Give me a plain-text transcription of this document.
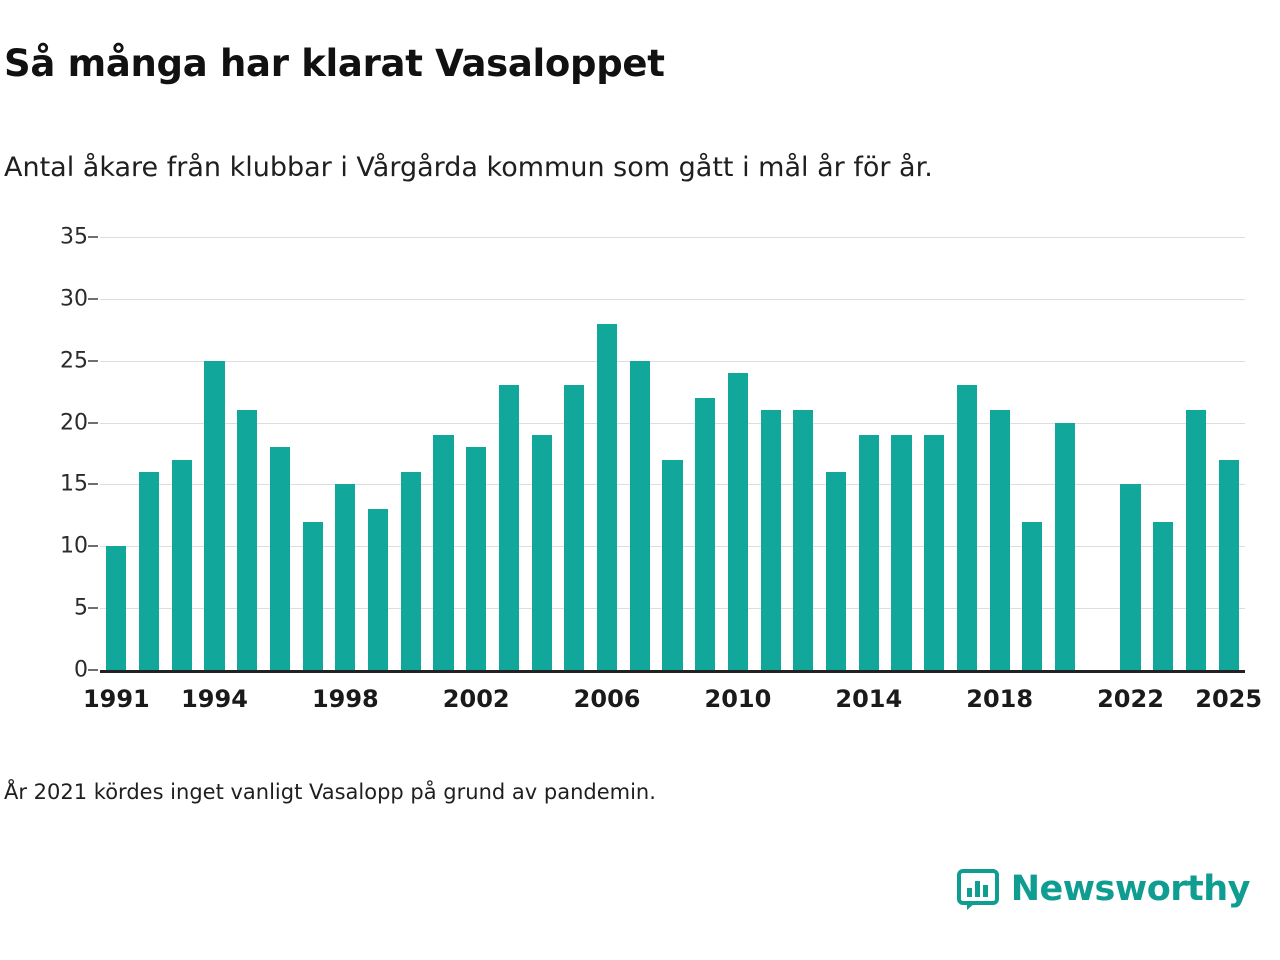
Så många har klarat Vasaloppet
Antal åkare från klubbar i Vårgårda kommun som gått i mål år för år.
0
5
10
15
20
25
30
35
1991 1994	1998	2002	2006	2010	2014	2018	2022 2025
År 2021 kördes inget vanligt Vasalopp på grund av pandemin.
Newsworthy
